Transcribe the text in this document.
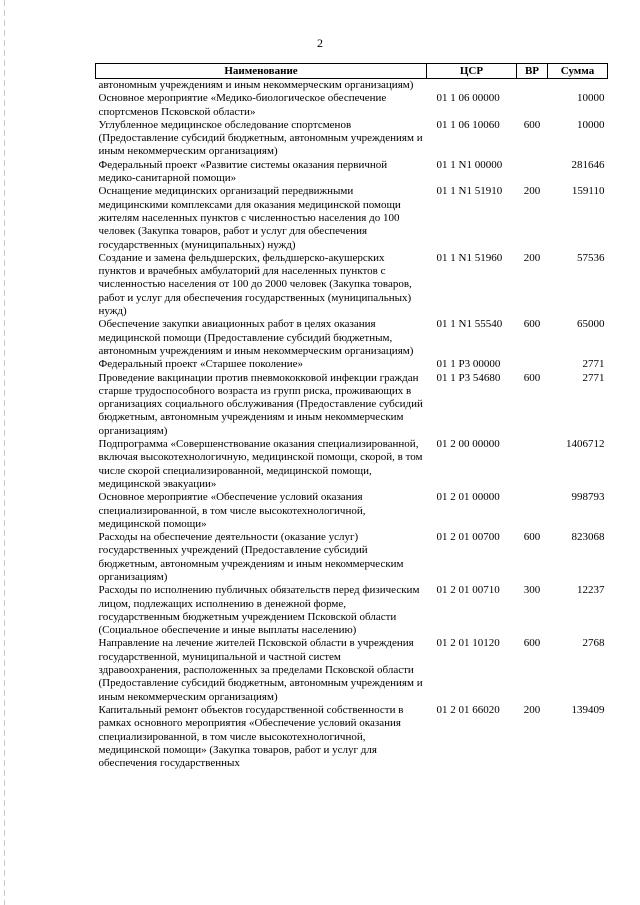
2
Наименование	ЦСР	ВР	Сумма
автономным учреждениям и иным некоммерческим организациям)			
Основное мероприятие «Медико-биологическое обеспечение спортсменов Псковской области»	01 1 06 00000		10000
Углубленное медицинское обследование спортсменов (Предоставление субсидий бюджетным, автономным учреждениям и иным некоммерческим организациям)	01 1 06 10060	600	10000
Федеральный проект «Развитие системы оказания первичной медико-санитарной помощи»	01 1 N1 00000		281646
Оснащение медицинских организаций передвижными медицинскими комплексами для оказания медицинской помощи жителям населенных пунктов с численностью населения до 100 человек (Закупка товаров, работ и услуг для обеспечения государственных (муниципальных) нужд)	01 1 N1 51910	200	159110
Создание и замена фельдшерских, фельдшерско-акушерских пунктов и врачебных амбулаторий для населенных пунктов с численностью населения от 100 до 2000 человек (Закупка товаров, работ и услуг для обеспечения государственных (муниципальных) нужд)	01 1 N1 51960	200	57536
Обеспечение закупки авиационных работ в целях оказания медицинской помощи (Предоставление субсидий бюджетным, автономным учреждениям и иным некоммерческим организациям)	01 1 N1 55540	600	65000
Федеральный проект «Старшее поколение»	01 1 P3 00000		2771
Проведение вакцинации против пневмококковой инфекции граждан старше трудоспособного возраста из групп риска, проживающих в организациях социального обслуживания (Предоставление субсидий бюджетным, автономным учреждениям и иным некоммерческим организациям)	01 1 P3 54680	600	2771
Подпрограмма «Совершенствование оказания специализированной, включая высокотехнологичную, медицинской помощи, скорой, в том числе скорой специализированной, медицинской помощи, медицинской эвакуации»	01 2 00 00000		1406712
Основное мероприятие «Обеспечение условий оказания специализированной, в том числе высокотехнологичной, медицинской помощи»	01 2 01 00000		998793
Расходы на обеспечение деятельности (оказание услуг) государственных учреждений (Предоставление субсидий бюджетным, автономным учреждениям и иным некоммерческим организациям)	01 2 01 00700	600	823068
Расходы по исполнению публичных обязательств перед физическим лицом, подлежащих исполнению в денежной форме, государственным бюджетным учреждением Псковской области (Социальное обеспечение и иные выплаты населению)	01 2 01 00710	300	12237
Направление на лечение жителей Псковской области в учреждения государственной, муниципальной и частной систем здравоохранения, расположенных за пределами Псковской области (Предоставление субсидий бюджетным, автономным учреждениям и иным некоммерческим организациям)	01 2 01 10120	600	2768
Капитальный ремонт объектов государственной собственности в рамках основного мероприятия «Обеспечение условий оказания специализированной, в том числе высокотехнологичной, медицинской помощи» (Закупка товаров, работ и услуг для обеспечения государственных	01 2 01 66020	200	139409
